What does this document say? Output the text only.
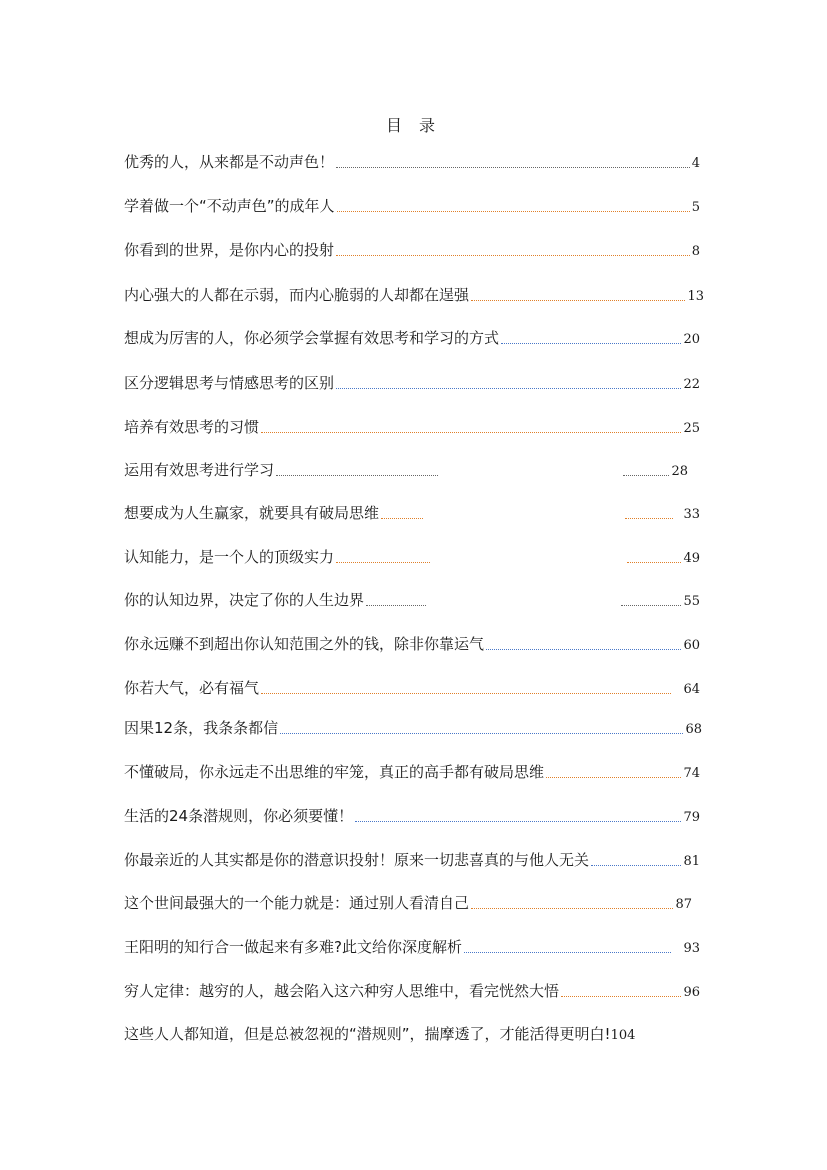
目 录
优秀的人，从来都是不动声色！	4
学着做一个“不动声色”的成年人	5
你看到的世界，是你内心的投射	8
内心强大的人都在示弱，而内心脆弱的人却都在逞强	13
想成为厉害的人，你必须学会掌握有效思考和学习的方式	20
区分逻辑思考与情感思考的区别	22
培养有效思考的习惯	25
运用有效思考进行学习	28
想要成为人生赢家，就要具有破局思维	33
认知能力，是一个人的顶级实力	49
你的认知边界，决定了你的人生边界	55
你永远赚不到超出你认知范围之外的钱，除非你靠运气	60
你若大气，必有福气	64
因果12条，我条条都信	68
不懂破局，你永远走不出思维的牢笼，真正的高手都有破局思维	74
生活的24条潜规则，你必须要懂！	79
你最亲近的人其实都是你的潜意识投射！原来一切悲喜真的与他人无关	81
这个世间最强大的一个能力就是：通过别人看清自己	87
王阳明的知行合一做起来有多难?此文给你深度解析	93
穷人定律：越穷的人，越会陷入这六种穷人思维中，看完恍然大悟	96
这些人人都知道，但是总被忽视的“潜规则”，揣摩透了，才能活得更明白! 104
